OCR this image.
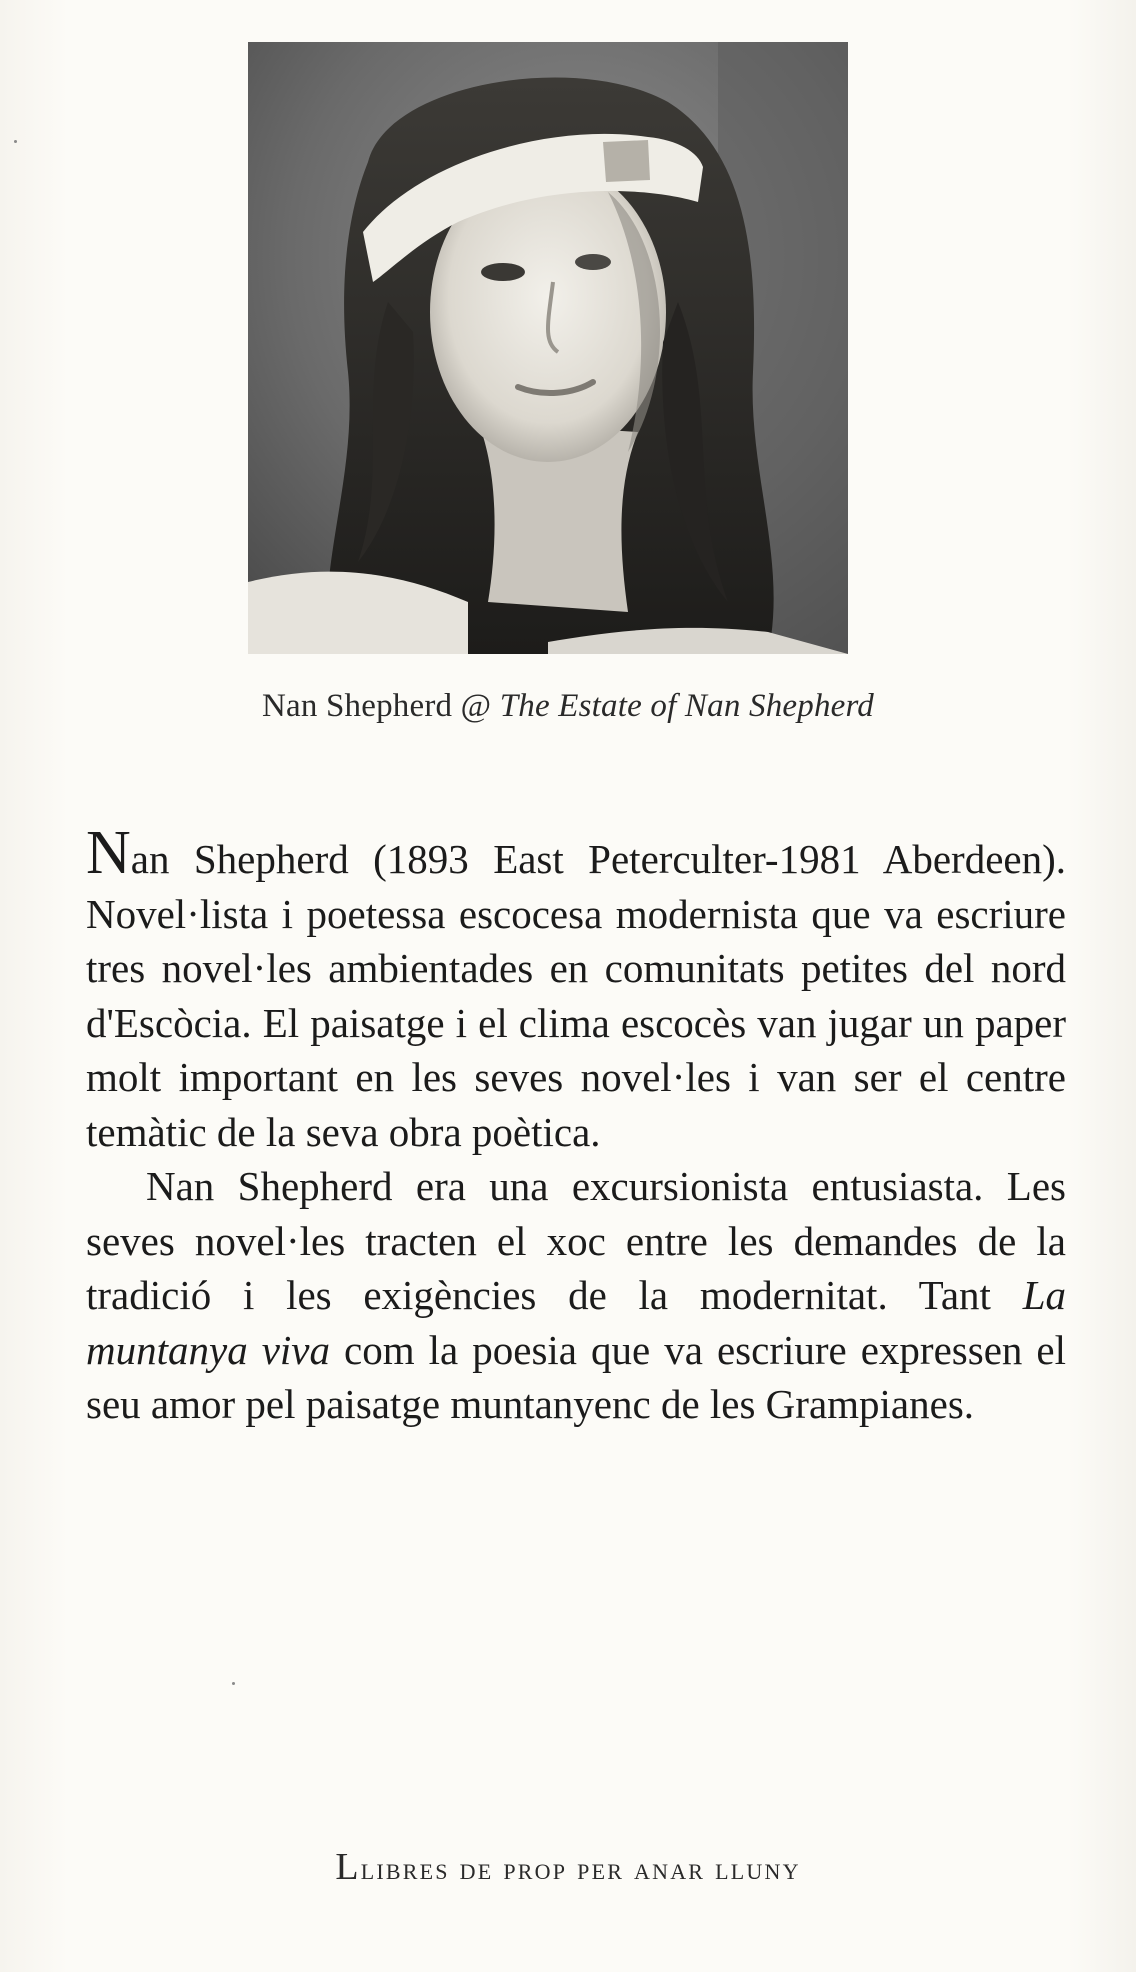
Nan Shepherd @ The Estate of Nan Shepherd

Nan Shepherd (1893 East Peterculter-1981 Aberdeen). Novel·lista i poetessa escocesa modernista que va escriure tres novel·les ambientades en comunitats petites del nord d'Escòcia. El paisatge i el clima escocès van jugar un paper molt important en les seves novel·les i van ser el centre temàtic de la seva obra poètica.

Nan Shepherd era una excursionista entusiasta. Les seves novel·les tracten el xoc entre les demandes de la tradició i les exigències de la modernitat. Tant La muntanya viva com la poesia que va escriure expressen el seu amor pel paisatge muntanyenc de les Grampianes.

Llibres de prop per anar lluny
